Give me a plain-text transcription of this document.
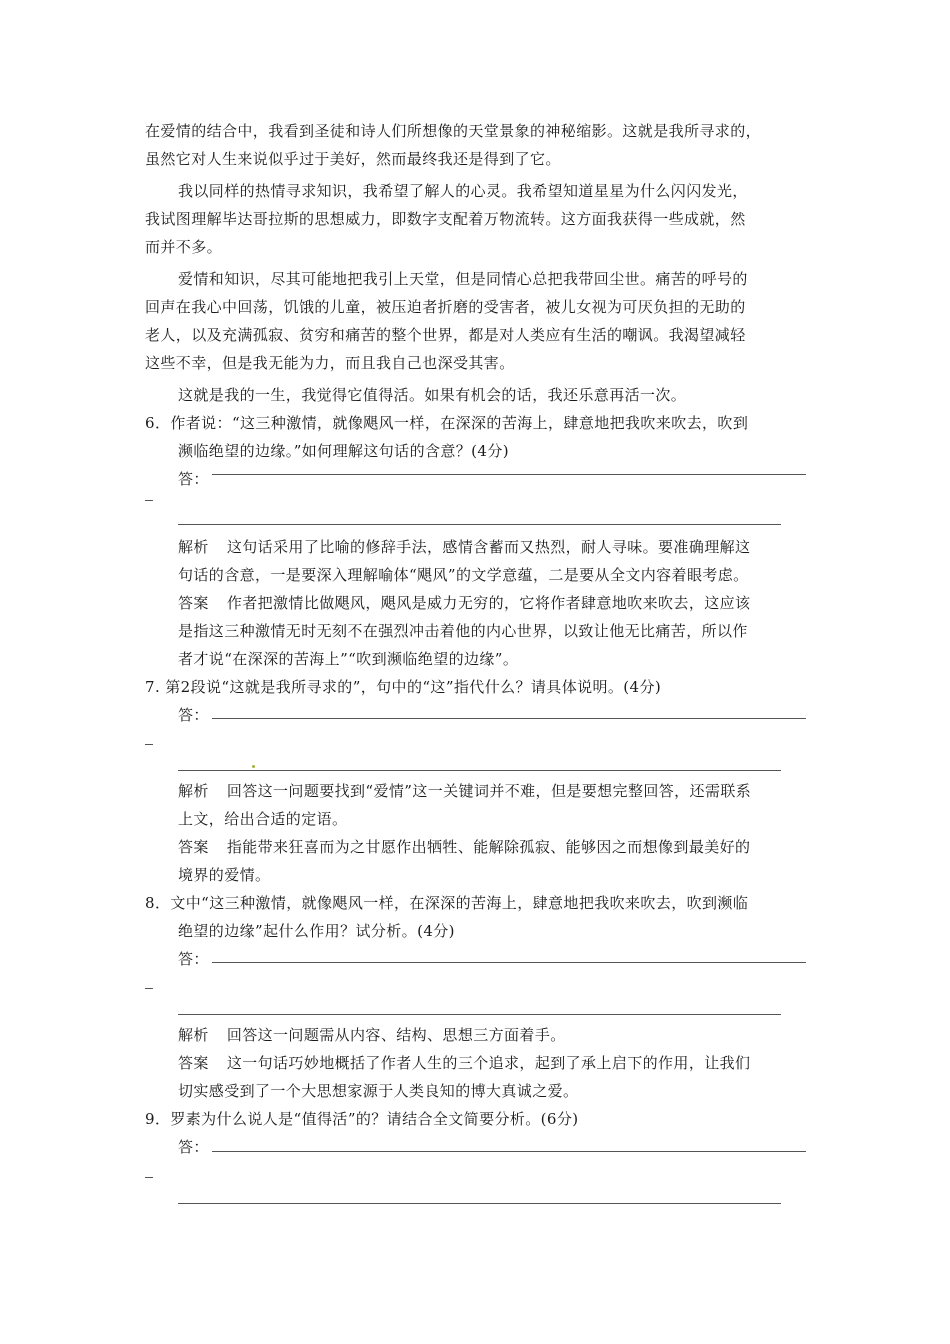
在爱情的结合中，我看到圣徒和诗人们所想像的天堂景象的神秘缩影。这就是我所寻求的，
虽然它对人生来说似乎过于美好，然而最终我还是得到了它。
我以同样的热情寻求知识，我希望了解人的心灵。我希望知道星星为什么闪闪发光，
我试图理解毕达哥拉斯的思想威力，即数字支配着万物流转。这方面我获得一些成就，然
而并不多。
爱情和知识，尽其可能地把我引上天堂，但是同情心总把我带回尘世。痛苦的呼号的
回声在我心中回荡，饥饿的儿童，被压迫者折磨的受害者，被儿女视为可厌负担的无助的
老人，以及充满孤寂、贫穷和痛苦的整个世界，都是对人类应有生活的嘲讽。我渴望减轻
这些不幸，但是我无能为力，而且我自己也深受其害。
这就是我的一生，我觉得它值得活。如果有机会的话，我还乐意再活一次。
6．作者说：“这三种激情，就像飓风一样，在深深的苦海上，肆意地把我吹来吹去，吹到
濒临绝望的边缘。”如何理解这句话的含意？(4分)
答：
解析 这句话采用了比喻的修辞手法，感情含蓄而又热烈，耐人寻味。要准确理解这
句话的含意，一是要深入理解喻体“飓风”的文学意蕴，二是要从全文内容着眼考虑。
答案 作者把激情比做飓风，飓风是威力无穷的，它将作者肆意地吹来吹去，这应该
是指这三种激情无时无刻不在强烈冲击着他的内心世界，以致让他无比痛苦，所以作
者才说“在深深的苦海上”“吹到濒临绝望的边缘”。
7. 第2段说“这就是我所寻求的”，句中的“这”指代什么？请具体说明。(4分)
答：
解析 回答这一问题要找到“爱情”这一关键词并不难，但是要想完整回答，还需联系
上文，给出合适的定语。
答案 指能带来狂喜而为之甘愿作出牺牲、能解除孤寂、能够因之而想像到最美好的
境界的爱情。
8．文中“这三种激情，就像飓风一样，在深深的苦海上，肆意地把我吹来吹去，吹到濒临
绝望的边缘”起什么作用？试分析。(4分)
答：
解析 回答这一问题需从内容、结构、思想三方面着手。
答案 这一句话巧妙地概括了作者人生的三个追求，起到了承上启下的作用，让我们
切实感受到了一个大思想家源于人类良知的博大真诚之爱。
9．罗素为什么说人是“值得活”的？请结合全文简要分析。(6分)
答：
